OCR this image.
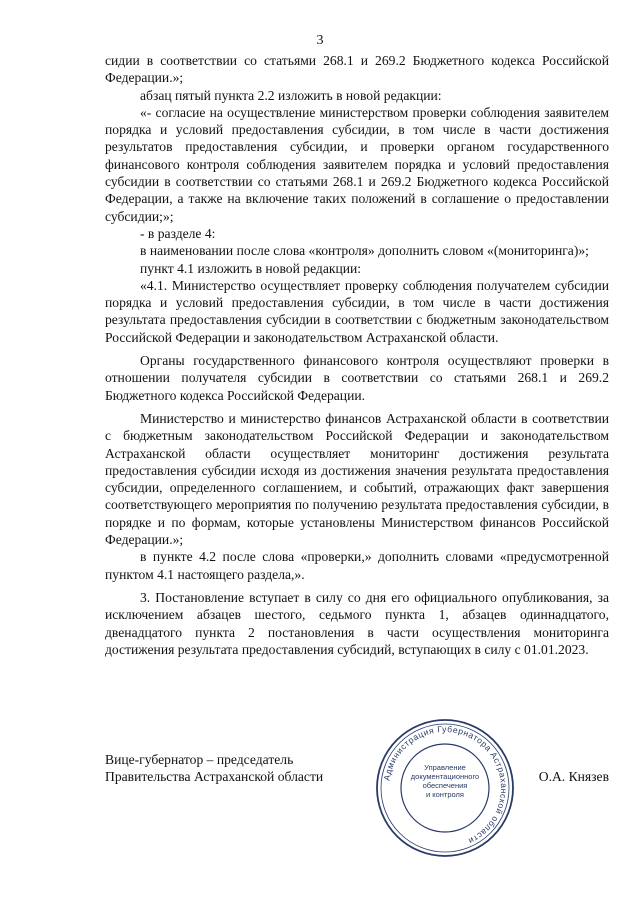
3

сидии в соответствии со статьями 268.1 и 269.2 Бюджетного кодекса Российской Федерации.»;

абзац пятый пункта 2.2 изложить в новой редакции:

«- согласие на осуществление министерством проверки соблюдения заявителем порядка и условий предоставления субсидии, в том числе в части достижения результатов предоставления субсидии, и проверки органом государственного финансового контроля соблюдения заявителем порядка и условий предоставления субсидии в соответствии со статьями 268.1 и 269.2 Бюджетного кодекса Российской Федерации, а также на включение таких положений в соглашение о предоставлении субсидии;»;

- в разделе 4:

в наименовании после слова «контроля» дополнить словом «(мониторинга)»;

пункт 4.1 изложить в новой редакции:

«4.1. Министерство осуществляет проверку соблюдения получателем субсидии порядка и условий предоставления субсидии, в том числе в части достижения результата предоставления субсидии в соответствии с бюджетным законодательством Российской Федерации и законодательством Астраханской области.

Органы государственного финансового контроля осуществляют проверки в отношении получателя субсидии в соответствии со статьями 268.1 и 269.2 Бюджетного кодекса Российской Федерации.

Министерство и министерство финансов Астраханской области в соответствии с бюджетным законодательством Российской Федерации и законодательством Астраханской области осуществляет мониторинг достижения результата предоставления субсидии исходя из достижения значения результата предоставления субсидии, определенного соглашением, и событий, отражающих факт завершения соответствующего мероприятия по получению результата предоставления субсидии, в порядке и по формам, которые установлены Министерством финансов Российской Федерации.»;

в пункте 4.2 после слова «проверки,» дополнить словами «предусмотренной пунктом 4.1 настоящего раздела,».

3. Постановление вступает в силу со дня его официального опубликования, за исключением абзацев шестого, седьмого пункта 1, абзацев одиннадцатого, двенадцатого пункта 2 постановления в части осуществления мониторинга достижения результата предоставления субсидий, вступающих в силу с 01.01.2023.

Вице-губернатор – председатель
Правительства Астраханской области	Администрация Губернатора Астраханской области
Управление
документационного
обеспечения
и контроля
О.А. Князев
